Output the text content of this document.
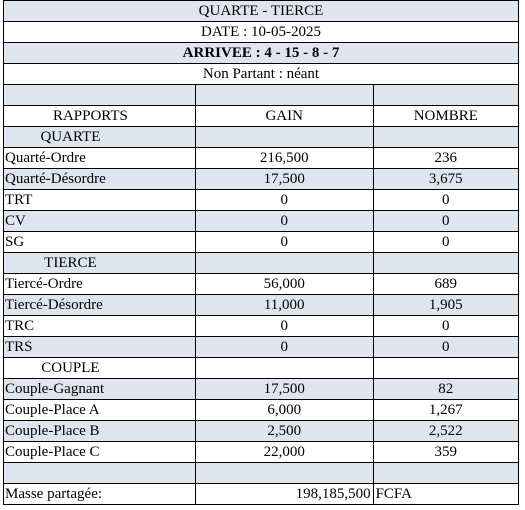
QUARTE - TIERCE		
DATE : 10-05-2025		
ARRIVEE : 4 - 15 - 8 - 7		
Non Partant : néant		

RAPPORTS	GAIN	NOMBRE
QUARTE		
Quarté-Ordre	216,500	236
Quarté-Désordre	17,500	3,675
TRT	0	0
CV	0	0
SG	0	0
TIERCE		
Tiercé-Ordre	56,000	689
Tiercé-Désordre	11,000	1,905
TRC	0	0
TRS	0	0
COUPLE		
Couple-Gagnant	17,500	82
Couple-Place A	6,000	1,267
Couple-Place B	2,500	2,522
Couple-Place C	22,000	359

Masse partagée:	198,185,500	FCFA
